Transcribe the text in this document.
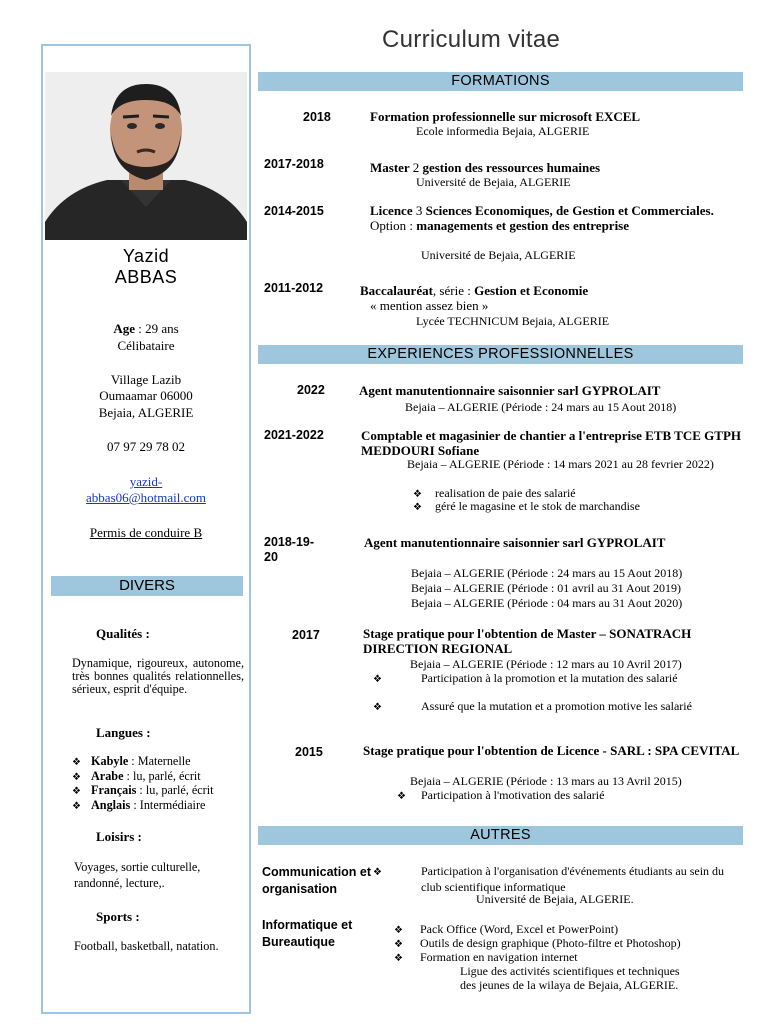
Curriculum vitae
Yazid
ABBAS
Age : 29 ans
Célibataire
Village Lazib
Oumaamar 06000
Bejaia, ALGERIE
07 97 29 78 02
yazid-
abbas06@hotmail.com
Permis de conduire B
DIVERS
Qualités :
Dynamique, rigoureux, autonome, très bonnes qualités relationnelles, sérieux, esprit d'équipe.
Langues :
❖ Kabyle : Maternelle
❖ Arabe : lu, parlé, écrit
❖ Français : lu, parlé, écrit
❖ Anglais : Intermédiaire
Loisirs :
Voyages, sortie culturelle, randonné, lecture,.
Sports :
Football, basketball, natation.
FORMATIONS
2018	Formation professionnelle sur microsoft EXCEL
Ecole informedia Bejaia, ALGERIE
2017-2018	Master 2 gestion des ressources humaines
Université de Bejaia, ALGERIE
2014-2015	Licence 3 Sciences Economiques, de Gestion et Commerciales. Option : managements et gestion des entreprise
Université de Bejaia, ALGERIE
2011-2012	Baccalauréat, série : Gestion et Economie
« mention assez bien »
Lycée TECHNICUM Bejaia, ALGERIE
EXPERIENCES PROFESSIONNELLES
2022	Agent manutentionnaire saisonnier sarl GYPROLAIT
Bejaia – ALGERIE (Période : 24 mars au 15 Aout 2018)
2021-2022	Comptable et magasinier de chantier a l'entreprise ETB TCE GTPH MEDDOURI Sofiane
Bejaia – ALGERIE (Période : 14 mars 2021 au 28 fevrier 2022)
❖ realisation de paie des salarié
❖ géré le magasine et le stok de marchandise
2018-19-
20
Agent manutentionnaire saisonnier sarl GYPROLAIT
Bejaia – ALGERIE (Période : 24 mars au 15 Aout 2018)
Bejaia – ALGERIE (Période : 01 avril au 31 Aout 2019)
Bejaia – ALGERIE (Période : 04 mars au 31 Aout 2020)
2017	Stage pratique pour l'obtention de Master – SONATRACH DIRECTION REGIONAL
Bejaia – ALGERIE (Période : 12 mars au 10 Avril 2017)
❖	Participation à la promotion et la mutation des salarié
❖	Assuré que la mutation et a promotion motive les salarié
2015	Stage pratique pour l'obtention de Licence - SARL : SPA CEVITAL
Bejaia – ALGERIE (Période : 13 mars au 13 Avril 2015)
❖ Participation à l'motivation des salarié
AUTRES
Communication et organisation
❖	Participation à l'organisation d'événements étudiants au sein du club scientifique informatique
Université de Bejaia, ALGERIE.
Informatique et Bureautique
❖ Pack Office (Word, Excel et PowerPoint)
❖ Outils de design graphique (Photo-filtre et Photoshop)
❖ Formation en navigation internet
Ligue des activités scientifiques et techniques
des jeunes de la wilaya de Bejaia, ALGERIE.
